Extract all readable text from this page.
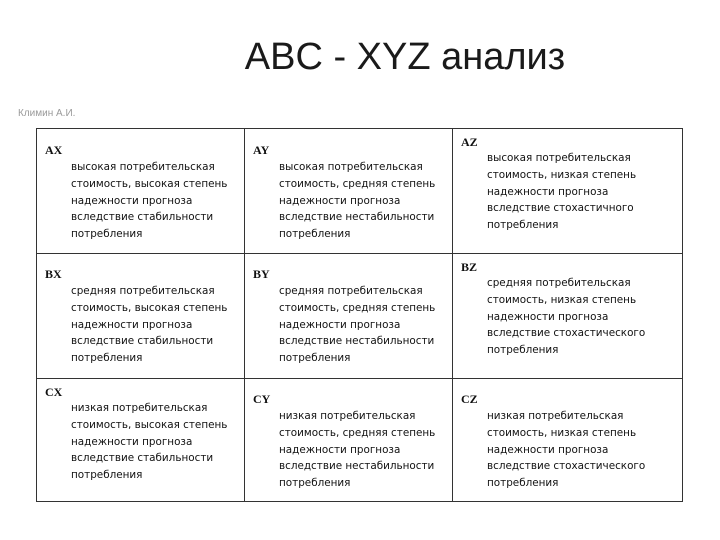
ABC - XYZ анализ
Климин А.И.
AX
высокая потребительская стоимость, высокая степень надежности прогноза вследствие стабильности потребления
AY
высокая потребительская стоимость, средняя степень надежности прогноза вследствие нестабильности потребления
AZ
высокая потребительская стоимость, низкая степень надежности прогноза вследствие стохастичного потребления
BX
средняя потребительская стоимость, высокая степень надежности прогноза вследствие стабильности потребления
BY
средняя потребительская стоимость, средняя степень надежности прогноза вследствие нестабильности потребления
BZ
средняя потребительская стоимость, низкая степень надежности прогноза вследствие стохастического потребления
CX
низкая потребительская стоимость, высокая степень надежности прогноза вследствие стабильности потребления
CY
низкая потребительская стоимость, средняя степень надежности прогноза вследствие нестабильности потребления
CZ
низкая потребительская стоимость, низкая степень надежности прогноза вследствие стохастического потребления
